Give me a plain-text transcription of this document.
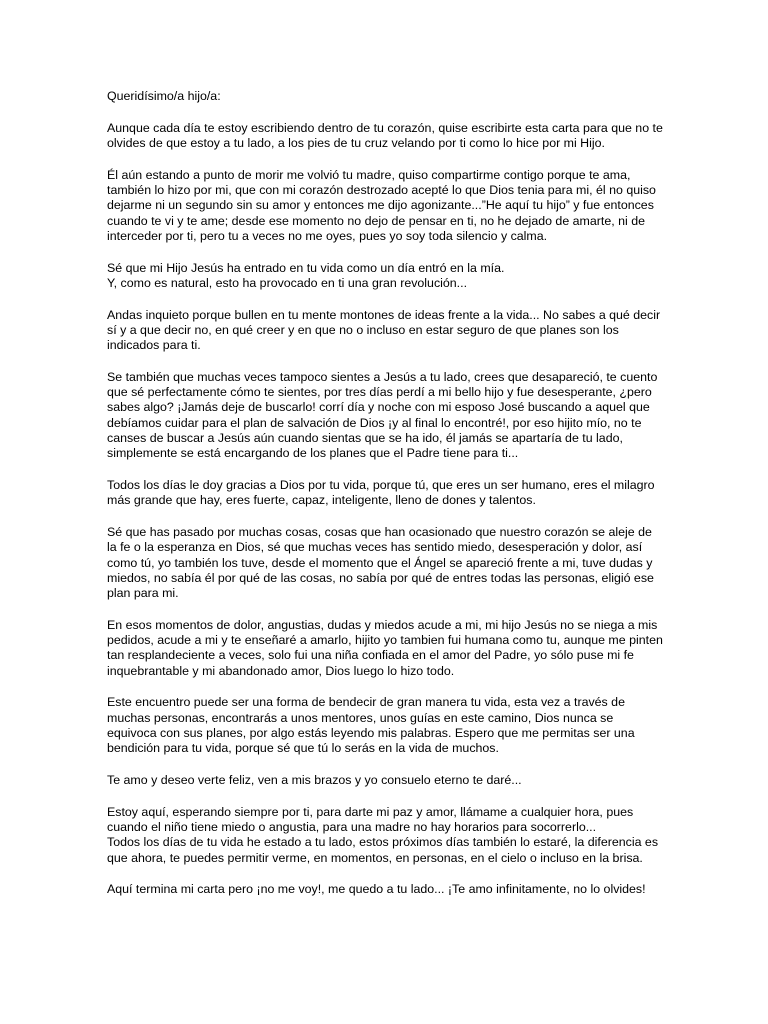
Queridísimo/a hijo/a:

Aunque cada día te estoy escribiendo dentro de tu corazón, quise escribirte esta carta para que no te olvides de que estoy a tu lado, a los pies de tu cruz velando por ti como lo hice por mi Hijo.

Él aún estando a punto de morir me volvió tu madre, quiso compartirme contigo porque te ama, también lo hizo por mi, que con mi corazón destrozado acepté lo que Dios tenia para mi, él no quiso dejarme ni un segundo sin su amor y entonces me dijo agonizante...”He aquí tu hijo” y fue entonces cuando te vi y te ame; desde ese momento no dejo de pensar en ti, no he dejado de amarte, ni de interceder por ti, pero tu a veces no me oyes, pues yo soy toda silencio y calma.

Sé que mi Hijo Jesús ha entrado en tu vida como un día entró en la mía.
Y, como es natural, esto ha provocado en ti una gran revolución...

Andas inquieto porque bullen en tu mente montones de ideas frente a la vida... No sabes a qué decir sí y a que decir no, en qué creer y en que no o incluso en estar seguro de que planes son los indicados para ti.

Se también que muchas veces tampoco sientes a Jesús a tu lado, crees que desapareció, te cuento que sé perfectamente cómo te sientes, por tres días perdí a mi bello hijo y fue desesperante, ¿pero sabes algo? ¡Jamás deje de buscarlo! corrí día y noche con mi esposo José buscando a aquel que debíamos cuidar para el plan de salvación de Dios ¡y al final lo encontré!, por eso hijito mío, no te canses de buscar a Jesús aún cuando sientas que se ha ido, él jamás se apartaría de tu lado, simplemente se está encargando de los planes que el Padre tiene para ti...

Todos los días le doy gracias a Dios por tu vida, porque tú, que eres un ser humano, eres el milagro más grande que hay, eres fuerte, capaz, inteligente, lleno de dones y talentos.

Sé que has pasado por muchas cosas, cosas que han ocasionado que nuestro corazón se aleje de la fe o la esperanza en Dios, sé que muchas veces has sentido miedo, desesperación y dolor, así como tú, yo también los tuve, desde el momento que el Ángel se apareció frente a mi, tuve dudas y miedos, no sabía él por qué de las cosas, no sabía por qué de entres todas las personas, eligió ese plan para mi.

En esos momentos de dolor, angustias, dudas y miedos acude a mi, mi hijo Jesús no se niega a mis pedidos, acude a mi y te enseñaré a amarlo, hijito yo tambien fui humana como tu, aunque me pinten tan resplandeciente a veces, solo fui una niña confiada en el amor del Padre, yo sólo puse mi fe inquebrantable y mi abandonado amor, Dios luego lo hizo todo.

Este encuentro puede ser una forma de bendecir de gran manera tu vida, esta vez a través de muchas personas, encontrarás a unos mentores, unos guías en este camino, Dios nunca se equivoca con sus planes, por algo estás leyendo mis palabras. Espero que me permitas ser una bendición para tu vida, porque sé que tú lo serás en la vida de muchos.

Te amo y deseo verte feliz, ven a mis brazos y yo consuelo eterno te daré...

Estoy aquí, esperando siempre por ti, para darte mi paz y amor, llámame a cualquier hora, pues cuando el niño tiene miedo o angustia, para una madre no hay horarios para socorrerlo...
Todos los días de tu vida he estado a tu lado, estos próximos días también lo estaré, la diferencia es que ahora, te puedes permitir verme, en momentos, en personas, en el cielo o incluso en la brisa.

Aquí termina mi carta pero ¡no me voy!, me quedo a tu lado... ¡Te amo infinitamente, no lo olvides!
